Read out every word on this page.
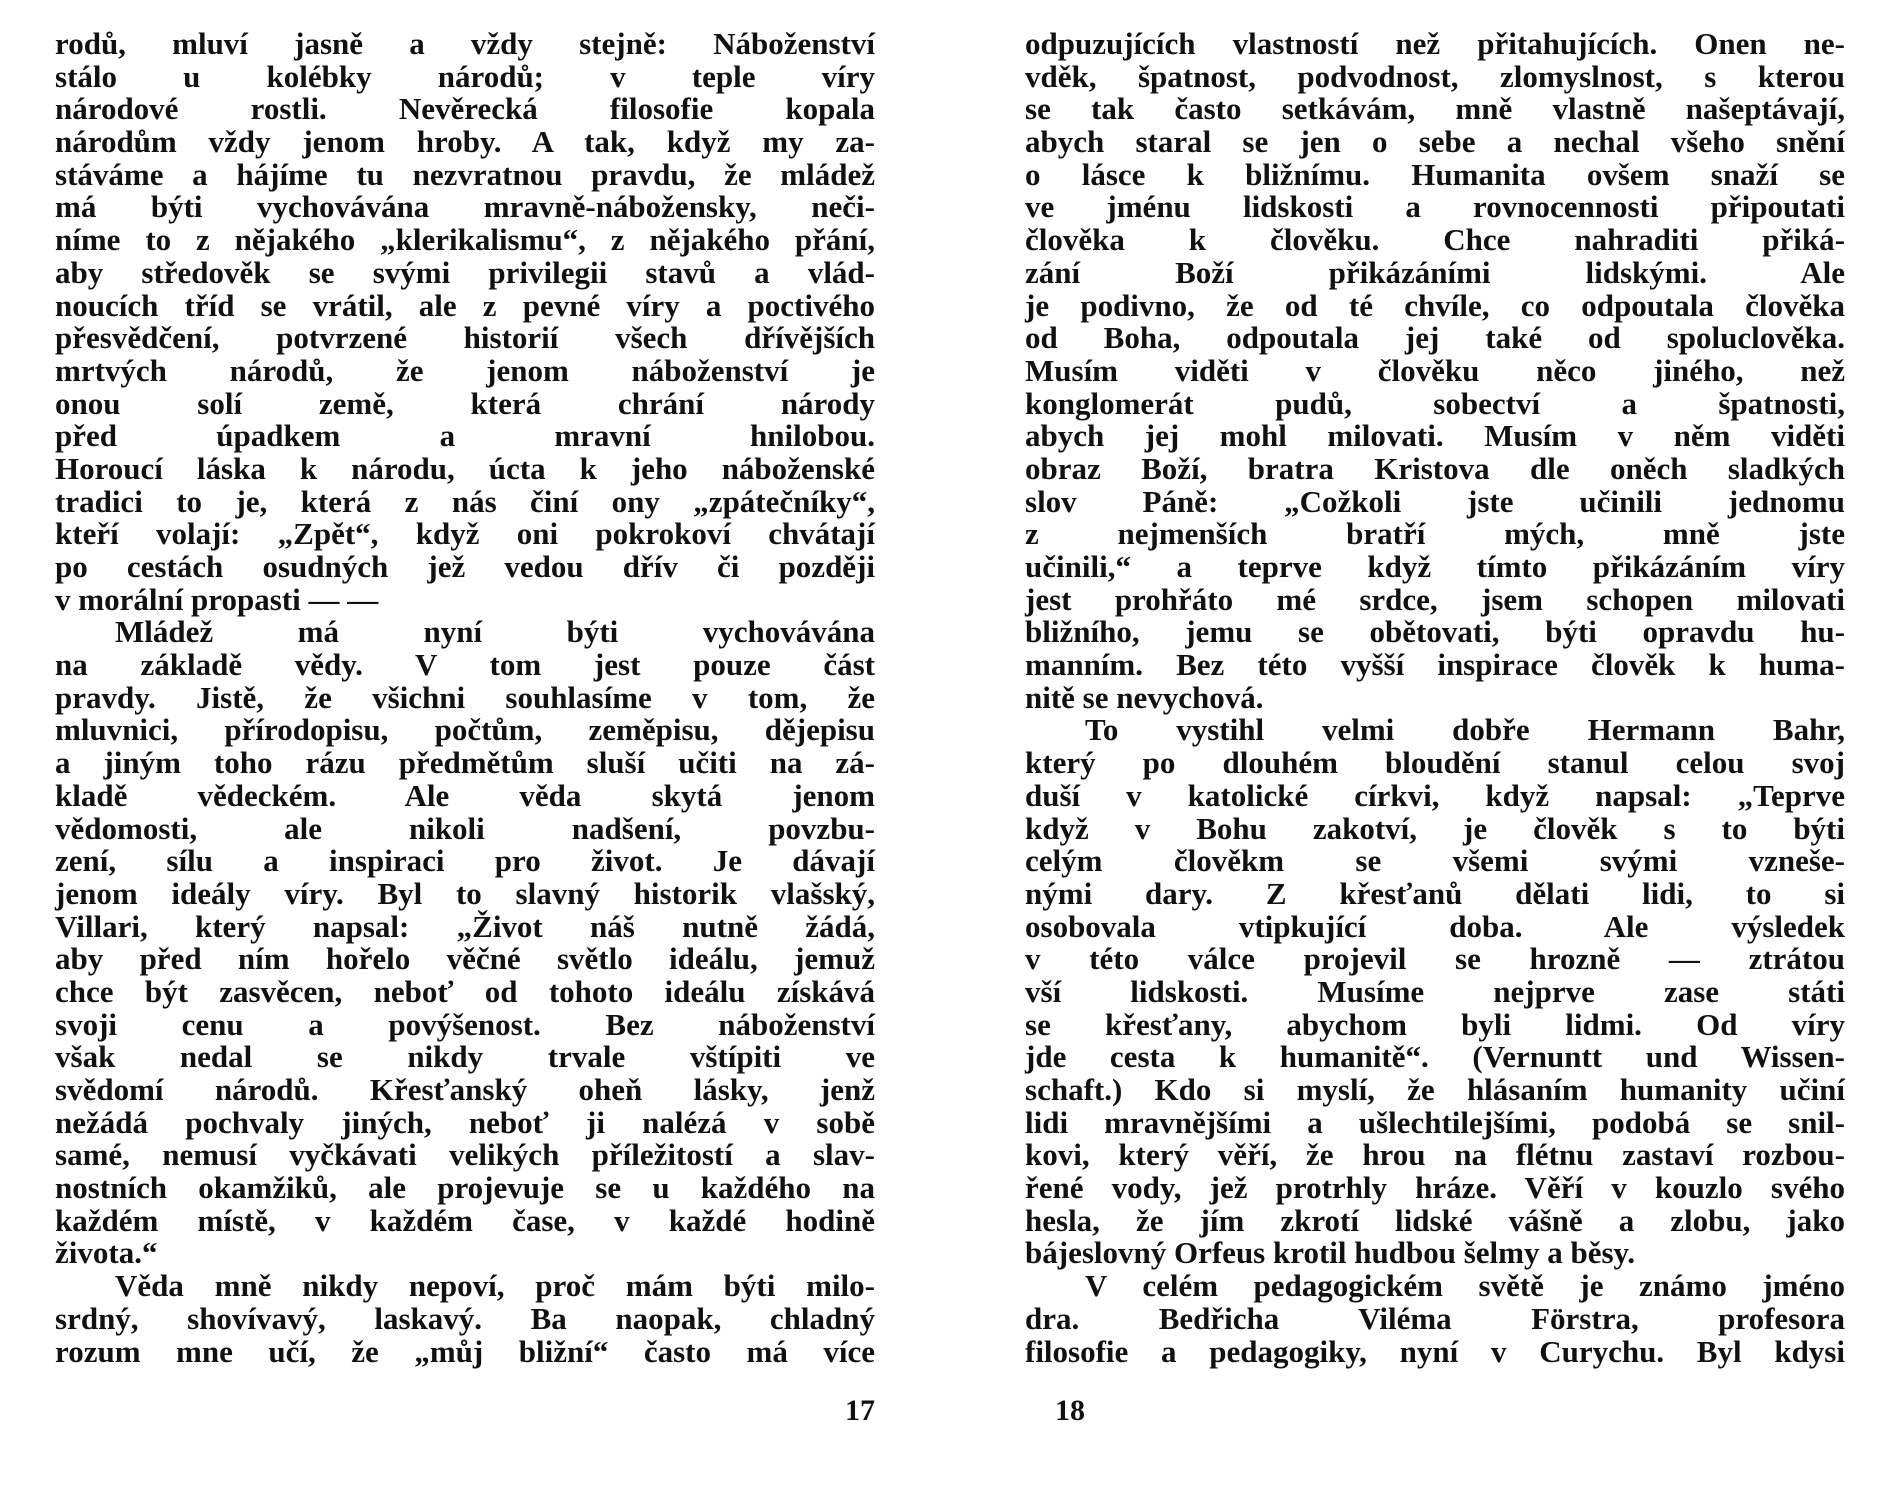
rodů, mluví jasně a vždy stejně: Náboženství
stálo u kolébky národů; v teple víry
národové rostli. Nevěrecká filosofie kopala
národům vždy jenom hroby. A tak, když my za-
stáváme a hájíme tu nezvratnou pravdu, že mládež
má býti vychovávána mravně-nábožensky, neči-
níme to z nějakého „klerikalismu“, z nějakého přání,
aby středověk se svými privilegii stavů a vlád-
noucích tříd se vrátil, ale z pevné víry a poctivého
přesvědčení, potvrzené historií všech dřívějších
mrtvých národů, že jenom náboženství je
onou solí země, která chrání národy
před úpadkem a mravní hnilobou.
Horoucí láska k národu, úcta k jeho náboženské
tradici to je, která z nás činí ony „zpátečníky“,
kteří volají: „Zpět“, když oni pokrokoví chvátají
po cestách osudných jež vedou dřív či později
v morální propasti — —
Mládež má nyní býti vychovávána
na základě vědy. V tom jest pouze část
pravdy. Jistě, že všichni souhlasíme v tom, že
mluvnici, přírodopisu, počtům, zeměpisu, dějepisu
a jiným toho rázu předmětům sluší učiti na zá-
kladě vědeckém. Ale věda skytá jenom
vědomosti, ale nikoli nadšení, povzbu-
zení, sílu a inspiraci pro život. Je dávají
jenom ideály víry. Byl to slavný historik vlašský,
Villari, který napsal: „Život náš nutně žádá,
aby před ním hořelo věčné světlo ideálu, jemuž
chce být zasvěcen, neboť od tohoto ideálu získává
svoji cenu a povýšenost. Bez náboženství
však nedal se nikdy trvale vštípiti ve
svědomí národů. Křesťanský oheň lásky, jenž
nežádá pochvaly jiných, neboť ji nalézá v sobě
samé, nemusí vyčkávati velikých příležitostí a slav-
nostních okamžiků, ale projevuje se u každého na
každém místě, v každém čase, v každé hodině
života.“
Věda mně nikdy nepoví, proč mám býti milo-
srdný, shovívavý, laskavý. Ba naopak, chladný
rozum mne učí, že „můj bližní“ často má více
17
odpuzujících vlastností než přitahujících. Onen ne-
vděk, špatnost, podvodnost, zlomyslnost, s kterou
se tak často setkávám, mně vlastně našeptávají,
abych staral se jen o sebe a nechal všeho snění
o lásce k bližnímu. Humanita ovšem snaží se
ve jménu lidskosti a rovnocennosti připoutati
člověka k člověku. Chce nahraditi přiká-
zání Boží přikázáními lidskými. Ale
je podivno, že od té chvíle, co odpoutala člověka
od Boha, odpoutala jej také od spoluclověka.
Musím viděti v člověku něco jiného, než
konglomerát pudů, sobectví a špatnosti,
abych jej mohl milovati. Musím v něm viděti
obraz Boží, bratra Kristova dle oněch sladkých
slov Páně: „Cožkoli jste učinili jednomu
z nejmenších bratří mých, mně jste
učinili,“ a teprve když tímto přikázáním víry
jest prohřáto mé srdce, jsem schopen milovati
bližního, jemu se obětovati, býti opravdu hu-
manním. Bez této vyšší inspirace člověk k huma-
nitě se nevychová.
To vystihl velmi dobře Hermann Bahr,
který po dlouhém bloudění stanul celou svoj
duší v katolické církvi, když napsal: „Teprve
když v Bohu zakotví, je člověk s to býti
celým člověkm se všemi svými vzneše-
nými dary. Z křesťanů dělati lidi, to si
osobovala vtipkující doba. Ale výsledek
v této válce projevil se hrozně — ztrátou
vší lidskosti. Musíme nejprve zase státi
se křesťany, abychom byli lidmi. Od víry
jde cesta k humanitě“. (Vernuntt und Wissen-
schaft.) Kdo si myslí, že hlásaním humanity učiní
lidi mravnějšími a ušlechtilejšími, podobá se snil-
kovi, který věří, že hrou na flétnu zastaví rozbou-
řené vody, jež protrhly hráze. Věří v kouzlo svého
hesla, že jím zkrotí lidské vášně a zlobu, jako
bájeslovný Orfeus krotil hudbou šelmy a běsy.
V celém pedagogickém světě je známo jméno
dra. Bedřicha Viléma Förstra, profesora
filosofie a pedagogiky, nyní v Curychu. Byl kdysi
18
